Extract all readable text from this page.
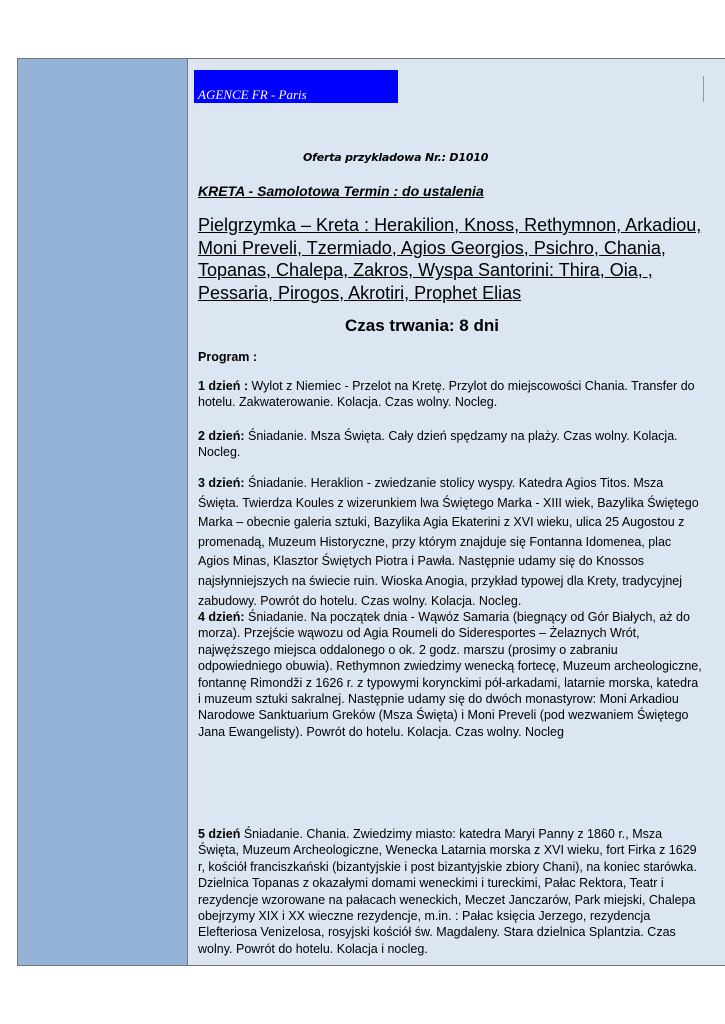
AGENCE FR - Paris
Oferta przykladowa Nr.: D1010
KRETA - Samolotowa Termin : do ustalenia
Pielgrzymka – Kreta : Herakilion, Knoss, Rethymnon, Arkadiou, Moni Preveli, Tzermiado, Agios Georgios, Psichro, Chania, Topanas, Chalepa, Zakros, Wyspa Santorini: Thira, Oia, , Pessaria, Pirogos, Akrotiri, Prophet Elias
Czas trwania: 8 dni
Program :

1 dzień : Wylot z Niemiec - Przelot na Kretę. Przylot do miejscowości Chania. Transfer do hotelu. Zakwaterowanie. Kolacja. Czas wolny. Nocleg.

2 dzień: Śniadanie. Msza Święta. Cały dzień spędzamy na plaży. Czas wolny. Kolacja. Nocleg.

3 dzień: Śniadanie. Heraklion - zwiedzanie stolicy wyspy. Katedra Agios Titos. Msza Święta. Twierdza Koules z wizerunkiem lwa Świętego Marka - XIII wiek, Bazylika Świętego Marka – obecnie galeria sztuki, Bazylika Agia Ekaterini z XVI wieku, ulica 25 Augostou z promenadą, Muzeum Historyczne, przy którym znajduje się Fontanna Idomenea, plac Agios Minas, Klasztor Świętych Piotra i Pawła. Następnie udamy się do Knossos najsłynniejszych na świecie ruin. Wioska Anogia, przykład typowej dla Krety, tradycyjnej zabudowy. Powrót do hotelu. Czas wolny. Kolacja. Nocleg.

4 dzień: Śniadanie. Na początek dnia - Wąwóz Samaria (biegnący od Gór Białych, aż do morza). Przejście wąwozu od Agia Roumeli do Sideresportes – Żelaznych Wrót, najwęższego miejsca oddalonego o ok. 2 godz. marszu (prosimy o zabraniu odpowiedniego obuwia). Rethymnon zwiedzimy wenecką fortecę, Muzeum archeologiczne, fontannę Rimondži z 1626 r. z typowymi korynckimi pół-arkadami, latarnie morska, katedra i muzeum sztuki sakralnej. Następnie udamy się do dwóch monastyrow: Moni Arkadiou Narodowe Sanktuarium Greków (Msza Święta) i Moni Preveli (pod wezwaniem Świętego Jana Ewangelisty). Powrót do hotelu. Kolacja. Czas wolny. Nocleg

5 dzień Śniadanie. Chania. Zwiedzimy miasto: katedra Maryi Panny z 1860 r., Msza Święta, Muzeum Archeologiczne, Wenecka Latarnia morska z XVI wieku, fort Firka z 1629 r, kościół franciszkański (bizantyjskie i post bizantyjskie zbiory Chani), na koniec starówka. Dzielnica Topanas z okazałymi domami weneckimi i tureckimi, Pałac Rektora, Teatr i rezydencje wzorowane na pałacach weneckich, Meczet Janczarów, Park miejski, Chalepa obejrzymy XIX i XX wieczne rezydencje, m.in. : Pałac księcia Jerzego, rezydencja Elefteriosa Venizelosa, rosyjski kościół św. Magdaleny. Stara dzielnica Splantzia. Czas wolny. Powrót do hotelu. Kolacja i nocleg.
